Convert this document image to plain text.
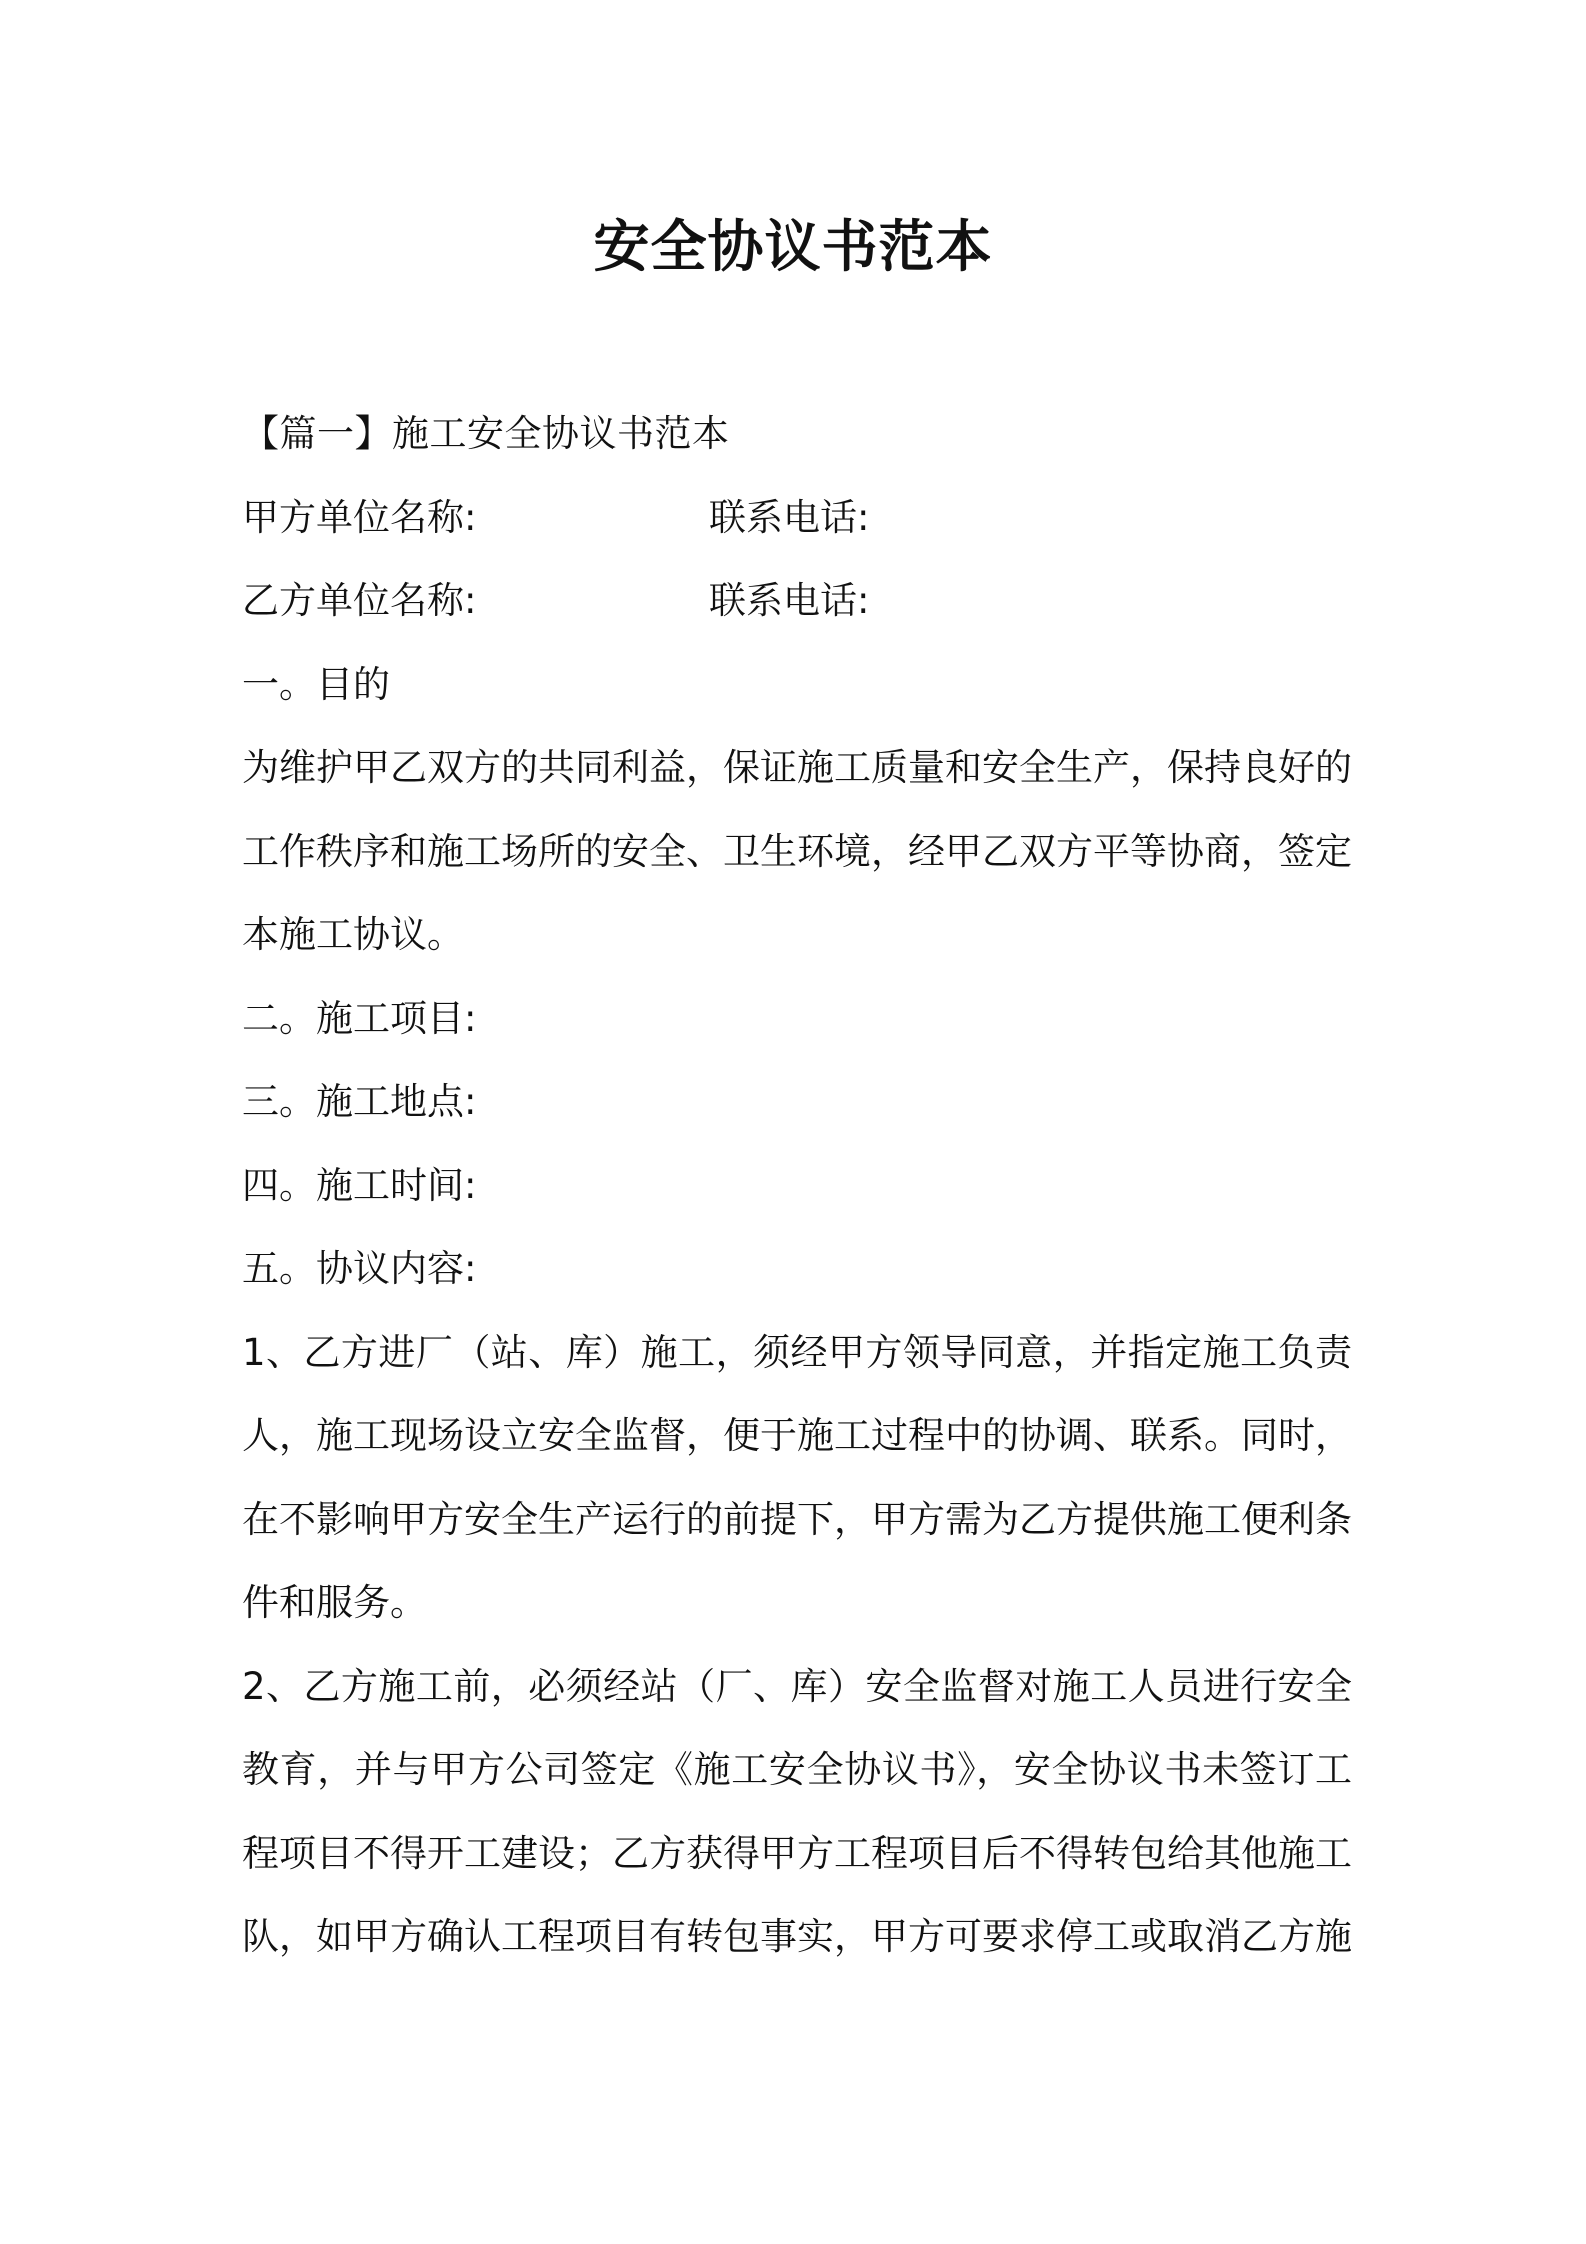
安全协议书范本
【篇一】施工安全协议书范本
甲方单位名称:	联系电话:
乙方单位名称:	联系电话:
一。目的
为维护甲乙双方的共同利益，保证施工质量和安全生产，保持良好的
工作秩序和施工场所的安全、卫生环境，经甲乙双方平等协商，签定
本施工协议。
二。施工项目:
三。施工地点:
四。施工时间:
五。协议内容:
1、乙方进厂（站、库）施工，须经甲方领导同意，并指定施工负责
人，施工现场设立安全监督，便于施工过程中的协调、联系。同时，
在不影响甲方安全生产运行的前提下，甲方需为乙方提供施工便利条
件和服务。
2、乙方施工前，必须经站（厂、库）安全监督对施工人员进行安全
教育，并与甲方公司签定《施工安全协议书》，安全协议书未签订工
程项目不得开工建设；乙方获得甲方工程项目后不得转包给其他施工
队，如甲方确认工程项目有转包事实，甲方可要求停工或取消乙方施
